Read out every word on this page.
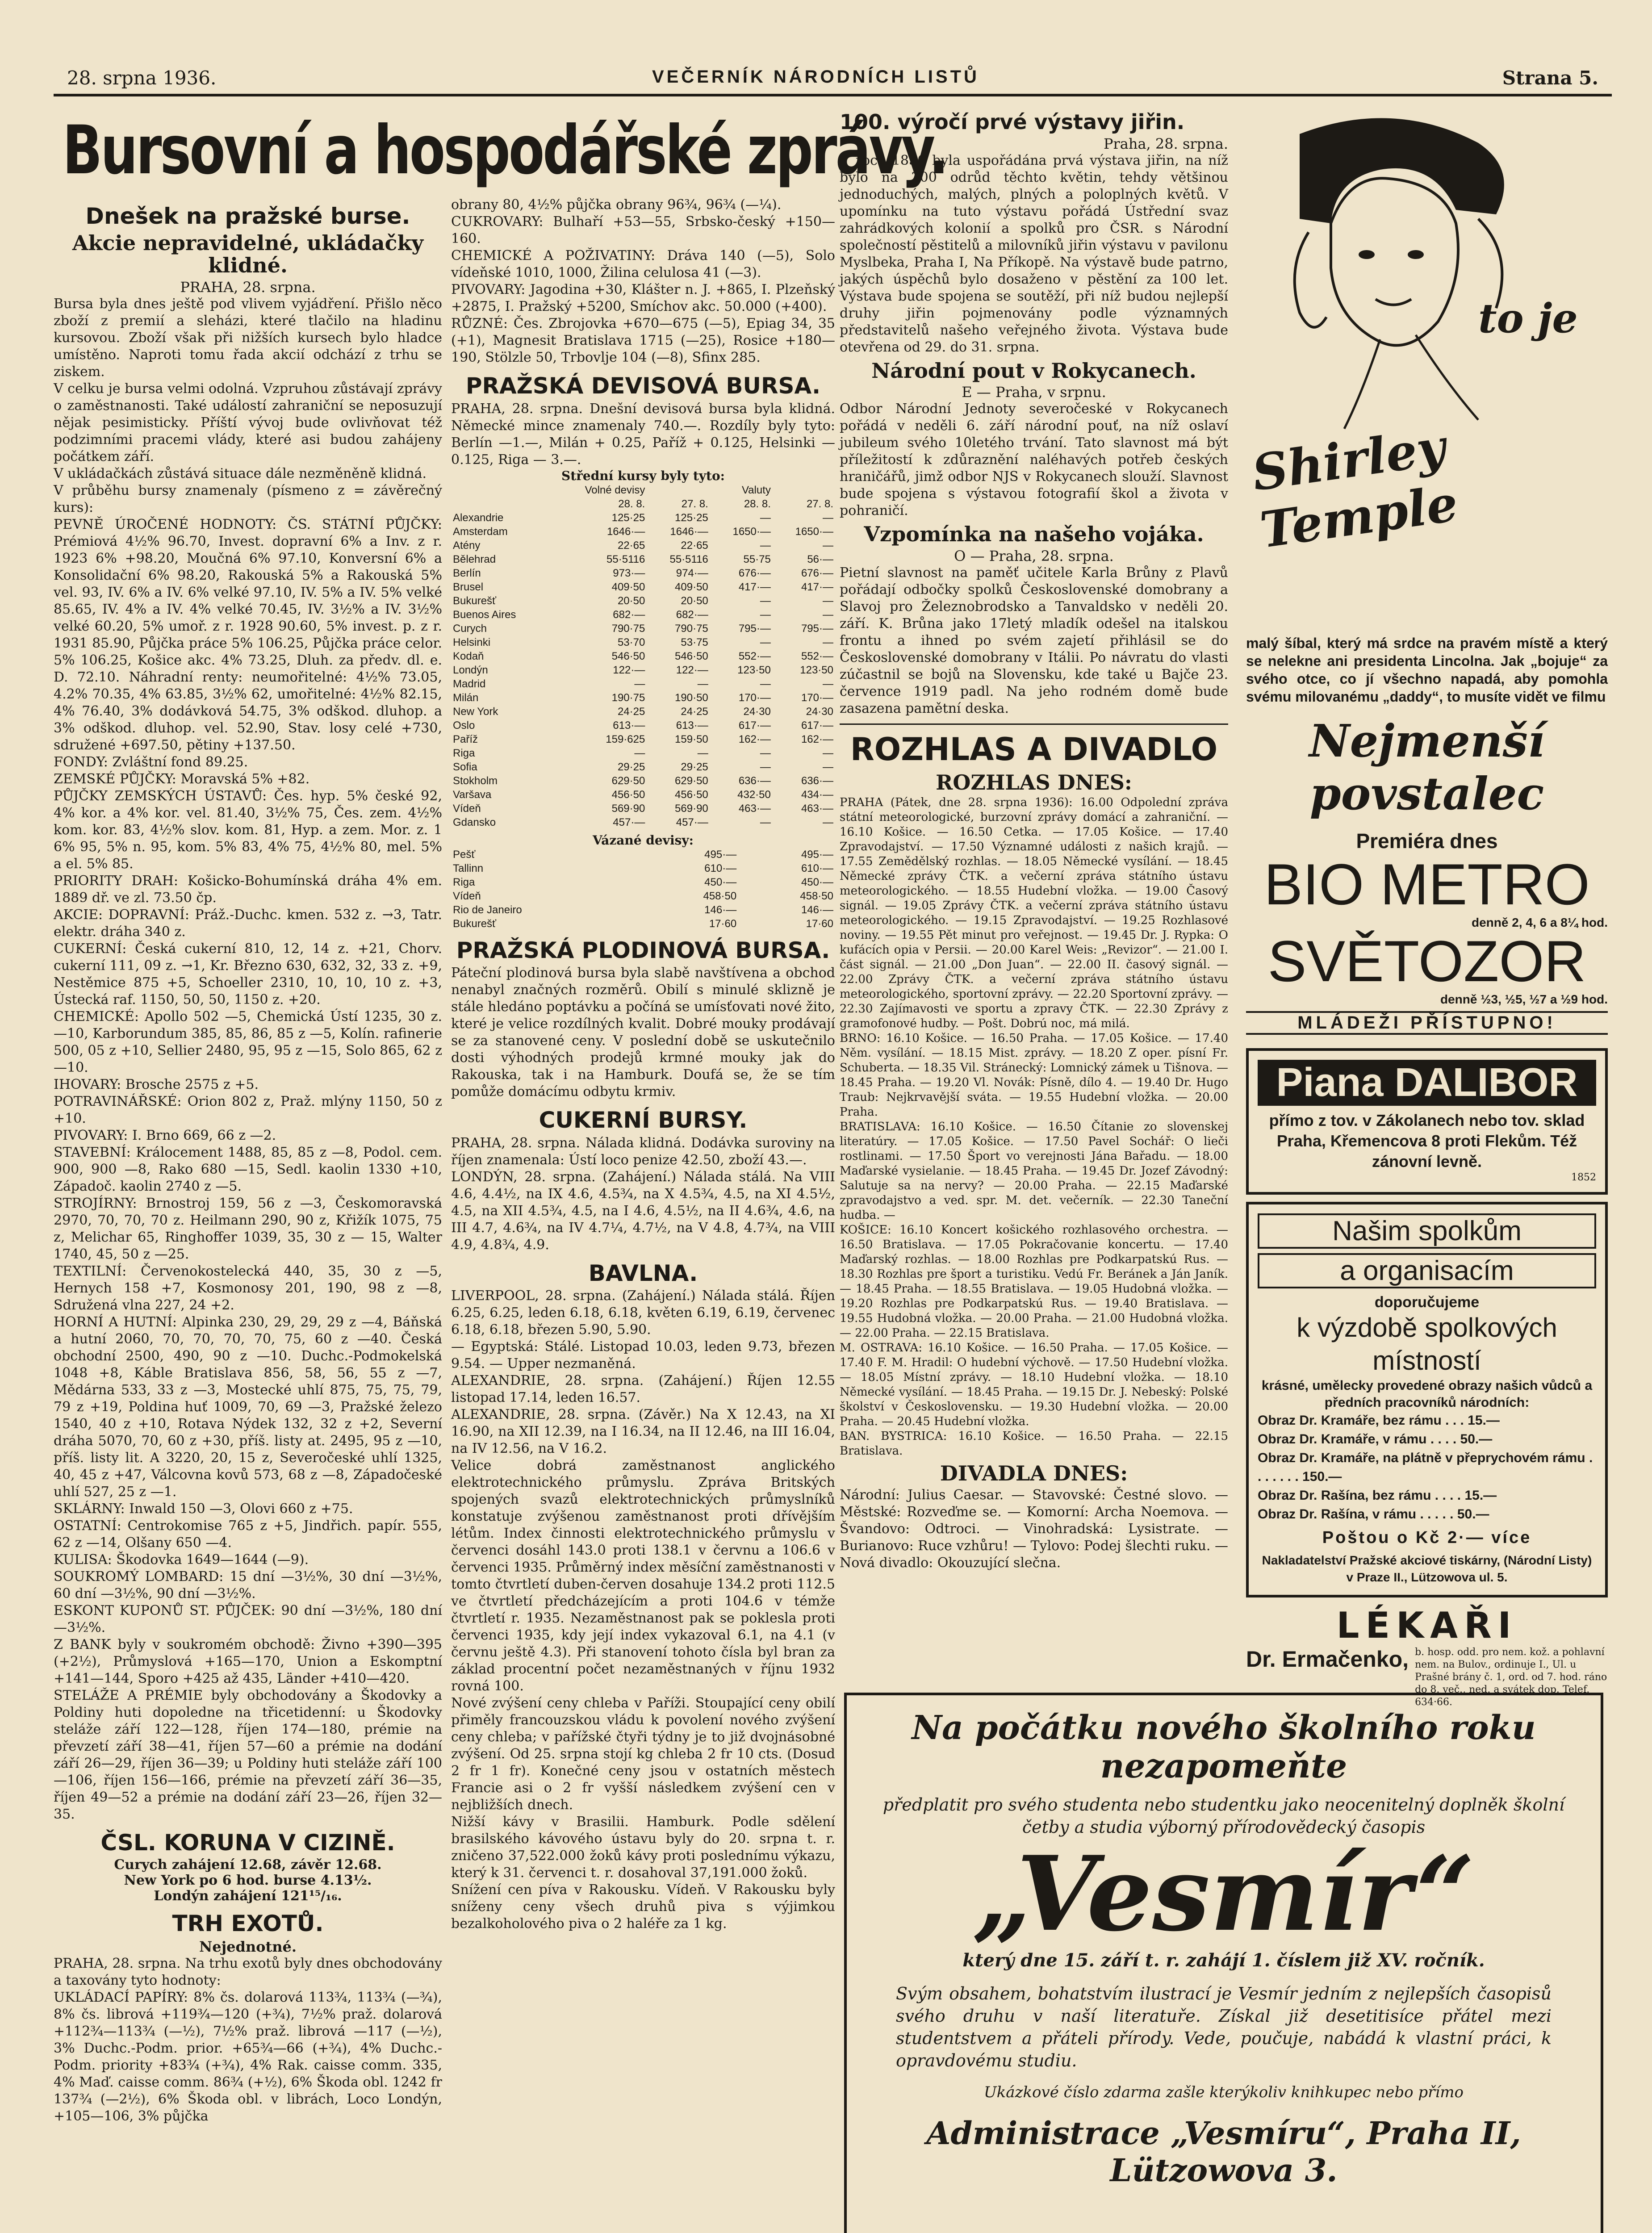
28. srpna 1936.	VEČERNÍK NÁRODNÍCH LISTŮ	Strana 5.
Bursovní a hospodářské zprávy.
Dnešek na pražské burse.
Akcie nepravidelné, ukládačky klidné.
PRAHA, 28. srpna.

Bursa byla dnes ještě pod vlivem vyjádření. Přišlo něco zboží z premií a sleházi, které tlačilo na hladinu kursovou. Zboží však při nižších kursech bylo hladce umístěno. Naproti tomu řada akcií odchází z trhu se ziskem.

V celku je bursa velmi odolná. Vzpruhou zůstávají zprávy o zaměstnanosti. Také událostí zahraniční se neposuzují nějak pesimisticky. Příští vývoj bude ovlivňovat též podzimními pracemi vlády, které asi budou zahájeny počátkem září.

V ukládačkách zůstává situace dále nezměněně klidná.

V průběhu bursy znamenaly (písmeno z = závěrečný kurs):

PEVNĚ ÚROČENÉ HODNOTY: ČS. STÁTNÍ PŮJČKY: Prémiová 4½% 96.70, Invest. dopravní 6% a Inv. z r. 1923 6% +98.20, Moučná 6% 97.10, Konversní 6% a Konsolidační 6% 98.20, Rakouská 5% a Rakouská 5% vel. 93, IV. 6% a IV. 6% velké 97.10, IV. 5% a IV. 5% velké 85.65, IV. 4% a IV. 4% velké 70.45, IV. 3½% a IV. 3½% velké 60.20, 5% umoř. z r. 1928 90.60, 5% invest. p. z r. 1931 85.90, Půjčka práce 5% 106.25, Půjčka práce celor. 5% 106.25, Košice akc. 4% 73.25, Dluh. za předv. dl. e. D. 72.10. Náhradní renty: neumořitelné: 4½% 73.05, 4.2% 70.35, 4% 63.85, 3½% 62, umořitelné: 4½% 82.15, 4% 76.40, 3% dodávková 54.75, 3% odškod. dluhop. a 3% odškod. dluhop. vel. 52.90, Stav. losy celé +730, sdružené +697.50, pětiny +137.50.

FONDY: Zvláštní fond 89.25.

ZEMSKÉ PŮJČKY: Moravská 5% +82.

PŮJČKY ZEMSKÝCH ÚSTAVŮ: Čes. hyp. 5% české 92, 4% kor. a 4% kor. vel. 81.40, 3½% 75, Čes. zem. 4½% kom. kor. 83, 4½% slov. kom. 81, Hyp. a zem. Mor. z. 1 6% 95, 5% n. 95, kom. 5% 83, 4% 75, 4½% 80, mel. 5% a el. 5% 85.

PRIORITY DRAH: Košicko-Bohumínská dráha 4% em. 1889 dř. ve zl. 73.50 čp.

AKCIE: DOPRAVNÍ: Práž.-Duchc. kmen. 532 z. →3, Tatr. elektr. dráha 340 z.

CUKERNÍ: Česká cukerní 810, 12, 14 z. +21, Chorv. cukerní 111, 09 z. →1, Kr. Březno 630, 632, 32, 33 z. +9, Nestěmice 875 +5, Schoeller 2310, 10, 10, 10 z. +3, Ústecká raf. 1150, 50, 50, 1150 z. +20.

CHEMICKÉ: Apollo 502 —5, Chemická Ústí 1235, 30 z. —10, Karborundum 385, 85, 86, 85 z —5, Kolín. rafinerie 500, 05 z +10, Sellier 2480, 95, 95 z —15, Solo 865, 62 z —10.

IHOVARY: Brosche 2575 z +5.

POTRAVINÁŘSKÉ: Orion 802 z, Praž. mlýny 1150, 50 z +10.

PIVOVARY: I. Brno 669, 66 z —2.

STAVEBNÍ: Králocement 1488, 85, 85 z —8, Podol. cem. 900, 900 —8, Rako 680 —15, Sedl. kaolin 1330 +10, Západoč. kaolin 2740 z —5.

STROJÍRNY: Brnostroj 159, 56 z —3, Českomoravská 2970, 70, 70, 70 z. Heilmann 290, 90 z, Křižík 1075, 75 z, Melichar 65, Ringhoffer 1039, 35, 30 z — 15, Walter 1740, 45, 50 z —25.

TEXTILNÍ: Červenokostelecká 440, 35, 30 z —5, Hernych 158 +7, Kosmonosy 201, 190, 98 z —8, Sdružená vlna 227, 24 +2.

HORNÍ A HUTNÍ: Alpinka 230, 29, 29, 29 z —4, Báňská a hutní 2060, 70, 70, 70, 70, 75, 60 z —40. Česká obchodní 2500, 490, 90 z —10. Duchc.-Podmokelská 1048 +8, Káble Bratislava 856, 58, 56, 55 z —7, Mědárna 533, 33 z —3, Mostecké uhlí 875, 75, 75, 79, 79 z +19, Poldina huť 1009, 70, 69 —3, Pražské železo 1540, 40 z +10, Rotava Nýdek 132, 32 z +2, Severní dráha 5070, 70, 60 z +30, příš. listy at. 2495, 95 z —10, příš. listy lit. A 3220, 20, 15 z, Severočeské uhlí 1325, 40, 45 z +47, Válcovna kovů 573, 68 z —8, Západočeské uhlí 527, 25 z —1.

SKLÁRNY: Inwald 150 —3, Olovi 660 z +75.

OSTATNÍ: Centrokomise 765 z +5, Jindřich. papír. 555, 62 z —14, Olšany 650 —4.

KULISA: Škodovka 1649—1644 (—9).

SOUKROMÝ LOMBARD: 15 dní —3½%, 30 dní —3½%, 60 dní —3½%, 90 dní —3½%.

ESKONT KUPONŮ ST. PŮJČEK: 90 dní —3½%, 180 dní —3½%.

Z BANK byly v soukromém obchodě: Živno +390—395 (+2½), Průmyslová +165—170, Union a Eskomptní +141—144, Sporo +425 až 435, Länder +410—420.

STELÁŽE A PRÉMIE byly obchodovány a Škodovky a Poldiny huti dopoledne na třicetidenní: u Škodovky steláže září 122—128, říjen 174—180, prémie na převzetí září 38—41, říjen 57—60 a prémie na dodání září 26—29, říjen 36—39; u Poldiny huti steláže září 100—106, říjen 156—166, prémie na převzetí září 36—35, říjen 49—52 a prémie na dodání září 23—26, říjen 32—35.

ČSL. KORUNA V CIZINĚ.
Curych zahájení 12.68, závěr 12.68.
New York po 6 hod. burse 4.13½.
Londýn zahájení 121¹⁵/₁₆.
TRH EXOTŮ.
Nejednotné.

PRAHA, 28. srpna. Na trhu exotů byly dnes obchodovány a taxovány tyto hodnoty:

UKLÁDACÍ PAPÍRY: 8% čs. dolarová 113¾, 113¾ (—¾), 8% čs. librová +119¾—120 (+¾), 7½% praž. dolarová +112¾—113¾ (—½), 7½% praž. librová —117 (—½), 3% Duchc.-Podm. prior. +65¾—66 (+¾), 4% Duchc.-Podm. priority +83¾ (+¾), 4% Rak. caisse comm. 335, 4% Maď. caisse comm. 86¾ (+½), 6% Škoda obl. 1242 fr 137¾ (—2½), 6% Škoda obl. v librách, Loco Londýn, +105—106, 3% půjčka

obrany 80, 4½% půjčka obrany 96¾, 96¾ (—¼).

CUKROVARY: Bulhaří +53—55, Srbsko-český +150—160.

CHEMICKÉ A POŽIVATINY: Dráva 140 (—5), Solo vídeňské 1010, 1000, Žilina celulosa 41 (—3).

PIVOVARY: Jagodina +30, Klášter n. J. +865, I. Plzeňský +2875, I. Pražský +5200, Smíchov akc. 50.000 (+400).

RŮZNÉ: Čes. Zbrojovka +670—675 (—5), Epiag 34, 35 (+1), Magnesit Bratislava 1715 (—25), Rosice +180—190, Stölzle 50, Trbovlje 104 (—8), Sfinx 285.

PRAŽSKÁ DEVISOVÁ BURSA.

PRAHA, 28. srpna. Dnešní devisová bursa byla klidná. Německé mince znamenaly 740.—. Rozdíly byly tyto: Berlín —1.—, Milán + 0.25, Paříž + 0.125, Helsinki — 0.125, Riga — 3.—.

Střední kursy byly tyto:
	Volné devisy		Valuty	
	28. 8.	27. 8.	28. 8.	27. 8.
Alexandrie	125·25	125·25	—	—
Amsterdam	1646·—	1646·—	1650·—	1650·—
Atény	22·65	22·65	—	—
Bělehrad	55·5116	55·5116	55·75	56·—
Berlín	973·—	974·—	676·—	676·—
Brusel	409·50	409·50	417·—	417·—
Bukurešť	20·50	20·50	—	—
Buenos Aires	682·—	682·—	—	—
Curych	790·75	790·75	795·—	795·—
Helsinki	53·70	53·75	—	—
Kodaň	546·50	546·50	552·—	552·—
Londýn	122·—	122·—	123·50	123·50
Madrid	—	—	—	—
Milán	190·75	190·50	170·—	170·—
New York	24·25	24·25	24·30	24·30
Oslo	613·—	613·—	617·—	617·—
Paříž	159·625	159·50	162·—	162·—
Riga	—	—	—	—
Sofia	29·25	29·25	—	—
Stokholm	629·50	629·50	636·—	636·—
Varšava	456·50	456·50	432·50	434·—
Vídeň	569·90	569·90	463·—	463·—
Gdansko	457·—	457·—	—	—
Vázané devisy:
Pešť	495·—	495·—
Tallinn	610·—	610·—
Riga	450·—	450·—
Vídeň	458·50	458·50
Rio de Janeiro	146·—	146·—
Bukurešť	17·60	17·60
PRAŽSKÁ PLODINOVÁ BURSA.

Páteční plodinová bursa byla slabě navštívena a obchod nenabyl značných rozměrů. Obilí s minulé sklizně je stále hledáno poptávku a počíná se umísťovati nové žito, které je velice rozdílných kvalit. Dobré mouky prodávají se za stanovené ceny. V poslední době se uskutečnilo dosti výhodných prodejů krmné mouky jak do Rakouska, tak i na Hamburk. Doufá se, že se tím pomůže domácímu odbytu krmiv.

CUKERNÍ BURSY.

PRAHA, 28. srpna. Nálada klidná. Dodávka suroviny na říjen znamenala: Ústí loco penize 42.50, zboží 43.—.

LONDÝN, 28. srpna. (Zahájení.) Nálada stálá. Na VIII 4.6, 4.4½, na IX 4.6, 4.5¾, na X 4.5¾, 4.5, na XI 4.5½, 4.5, na XII 4.5¾, 4.5, na I 4.6, 4.5½, na II 4.6¾, 4.6, na III 4.7, 4.6¾, na IV 4.7¼, 4.7½, na V 4.8, 4.7¾, na VIII 4.9, 4.8¾, 4.9.

BAVLNA.

LIVERPOOL, 28. srpna. (Zahájení.) Nálada stálá. Říjen 6.25, 6.25, leden 6.18, 6.18, květen 6.19, 6.19, červenec 6.18, 6.18, březen 5.90, 5.90.

— Egyptská: Stálé. Listopad 10.03, leden 9.73, březen 9.54. — Upper nezmaněná.

ALEXANDRIE, 28. srpna. (Zahájení.) Říjen 12.55 listopad 17.14, leden 16.57.

ALEXANDRIE, 28. srpna. (Závěr.) Na X 12.43, na XI 16.90, na XII 12.39, na I 16.34, na II 12.46, na III 16.04, na IV 12.56, na V 16.2.

Velice dobrá zaměstnanost anglického elektrotechnického průmyslu. Zpráva Britských spojených svazů elektrotechnických průmyslníků konstatuje zvýšenou zaměstnanost proti dřívějším létům. Index činnosti elektrotechnického průmyslu v červenci dosáhl 143.0 proti 138.1 v červnu a 106.6 v červenci 1935. Průměrný index měsíční zaměstnanosti v tomto čtvrtletí duben-červen dosahuje 134.2 proti 112.5 ve čtvrtletí předcházejícím a proti 104.6 v témže čtvrtletí r. 1935. Nezaměstnanost pak se poklesla proti červenci 1935, kdy její index vykazoval 6.1, na 4.1 (v červnu ještě 4.3). Při stanovení tohoto čísla byl bran za základ procentní počet nezaměstnaných v říjnu 1932 rovná 100.

Nové zvýšení ceny chleba v Paříži. Stoupající ceny obilí přiměly francouzskou vládu k povolení nového zvýšení ceny chleba; v pařížské čtyři týdny je to již dvojnásobné zvýšení. Od 25. srpna stojí kg chleba 2 fr 10 cts. (Dosud 2 fr 1 fr). Konečné ceny jsou v ostatních městech Francie asi o 2 fr vyšší následkem zvýšení cen v nejbližších dnech.

Nižší kávy v Brasilii. Hamburk. Podle sdělení brasilského kávového ústavu byly do 20. srpna t. r. zničeno 37,522.000 žoků kávy proti poslednímu výkazu, který k 31. červenci t. r. dosahoval 37,191.000 žoků.

Snížení cen píva v Rakousku. Vídeň. V Rakousku byly sníženy ceny všech druhů piva s výjimkou bezalkoholového piva o 2 haléře za 1 kg.

100. výročí prvé výstavy jiřin.
Praha, 28. srpna.

V roce 1836 byla uspořádána prvá výstava jiřin, na níž bylo na 200 odrůd těchto květin, tehdy většinou jednoduchých, malých, plných a poloplných květů. V upomínku na tuto výstavu pořádá Ústřední svaz zahrádkových kolonií a spolků pro ČSR. s Národní společností pěstitelů a milovníků jiřin výstavu v pavilonu Myslbeka, Praha I, Na Příkopě. Na výstavě bude patrno, jakých úspěchů bylo dosaženo v pěstění za 100 let. Výstava bude spojena se soutěží, při níž budou nejlepší druhy jiřin pojmenovány podle významných představitelů našeho veřejného života. Výstava bude otevřena od 29. do 31. srpna.

Národní pout v Rokycanech.
E — Praha, v srpnu.

Odbor Národní Jednoty severočeské v Rokycanech pořádá v neděli 6. září národní pouť, na níž oslaví jubileum svého 10letého trvání. Tato slavnost má být příležitostí k zdůraznění naléhavých potřeb českých hraničářů, jimž odbor NJS v Rokycanech slouží. Slavnost bude spojena s výstavou fotografií škol a života v pohraničí.

Vzpomínka na našeho vojáka.
O — Praha, 28. srpna.

Pietní slavnost na paměť učitele Karla Brůny z Plavů pořádají odbočky spolků Československé domobrany a Slavoj pro Železnobrodsko a Tanvaldsko v neděli 20. září. K. Brůna jako 17letý mladík odešel na italskou frontu a ihned po svém zajetí přihlásil se do Československé domobrany v Itálii. Po návratu do vlasti zúčastnil se bojů na Slovensku, kde také u Bajče 23. července 1919 padl. Na jeho rodném domě bude zasazena pamětní deska.

ROZHLAS A DIVADLO
ROZHLAS DNES:

PRAHA (Pátek, dne 28. srpna 1936): 16.00 Odpolední zpráva státní meteorologické, burzovní zprávy domácí a zahraniční. — 16.10 Košice. — 16.50 Cetka. — 17.05 Košice. — 17.40 Zpravodajství. — 17.50 Významné události z našich krajů. — 17.55 Zemědělský rozhlas. — 18.05 Německé vysílání. — 18.45 Německé zprávy ČTK. a večerní zpráva státního ústavu meteorologického. — 18.55 Hudební vložka. — 19.00 Časový signál. — 19.05 Zprávy ČTK. a večerní zpráva státního ústavu meteorologického. — 19.15 Zpravodajství. — 19.25 Rozhlasové noviny. — 19.55 Pět minut pro veřejnost. — 19.45 Dr. J. Rypka: O kufácích opia v Persii. — 20.00 Karel Weis: „Revizor“. — 21.00 I. část signál. — 21.00 „Don Juan“. — 22.00 II. časový signál. — 22.00 Zprávy ČTK. a večerní zpráva státního ústavu meteorologického, sportovní zprávy. — 22.20 Sportovní zprávy. — 22.30 Zajímavosti ve sportu a zpravy ČTK. — 22.30 Zprávy z gramofonové hudby. — Pošt. Dobrú noc, má milá.

BRNO: 16.10 Košice. — 16.50 Praha. — 17.05 Košice. — 17.40 Něm. vysílání. — 18.15 Mist. zprávy. — 18.20 Z oper. písní Fr. Schuberta. — 18.35 Vil. Stránecký: Lomnický zámek u Tišnova. — 18.45 Praha. — 19.20 Vl. Novák: Písně, dílo 4. — 19.40 Dr. Hugo Traub: Nejkrvavější sváta. — 19.55 Hudební vložka. — 20.00 Praha.

BRATISLAVA: 16.10 Košice. — 16.50 Čítanie zo slovenskej literatúry. — 17.05 Košice. — 17.50 Pavel Sochář: O lieči rostlinami. — 17.50 Šport vo verejnosti Jána Bařadu. — 18.00 Maďarské vysielanie. — 18.45 Praha. — 19.45 Dr. Jozef Závodný: Salutuje sa na nervy? — 20.00 Praha. — 22.15 Maďarské zpravodajstvo a ved. spr. M. det. večerník. — 22.30 Taneční hudba. —

KOŠICE: 16.10 Koncert košického rozhlasového orchestra. — 16.50 Bratislava. — 17.05 Pokračovanie koncertu. — 17.40 Maďarský rozhlas. — 18.00 Rozhlas pre Podkarpatskú Rus. — 18.30 Rozhlas pre šport a turistiku. Vedú Fr. Beránek a Ján Janík. — 18.45 Praha. — 18.55 Bratislava. — 19.05 Hudobná vložka. — 19.20 Rozhlas pre Podkarpatskú Rus. — 19.40 Bratislava. — 19.55 Hudobná vložka. — 20.00 Praha. — 21.00 Hudobná vložka. — 22.00 Praha. — 22.15 Bratislava.

M. OSTRAVA: 16.10 Košice. — 16.50 Praha. — 17.05 Košice. — 17.40 F. M. Hradil: O hudební výchově. — 17.50 Hudební vložka. — 18.05 Místní zprávy. — 18.10 Hudební vložka. — 18.10 Německé vysílání. — 18.45 Praha. — 19.15 Dr. J. Nebeský: Polské školství v Československu. — 19.30 Hudební vložka. — 20.00 Praha. — 20.45 Hudební vložka.

BAN. BYSTRICA: 16.10 Košice. — 16.50 Praha. — 22.15 Bratislava.

DIVADLA DNES:

Národní: Julius Caesar. — Stavovské: Čestné slovo. — Městské: Rozveďme se. — Komorní: Archa Noemova. — Švandovo: Odtroci. — Vinohradská: Lysistrate. — Burianovo: Ruce vzhůru! — Tylovo: Podej šlechti ruku. — Nová divadlo: Okouzující slečna.

to je
Shirley Temple

malý šíbal, který má srdce na pravém místě a který se nelekne ani presidenta Lincolna. Jak „bojuje“ za svého otce, co jí všechno napadá, aby pomohla svému milovanému „daddy“, to musíte vidět ve filmu

Nejmenší povstalec
Premiéra dnes
BIO METRO
denně 2, 4, 6 a 8¼ hod.
SVĚTOZOR
denně ½3, ½5, ½7 a ½9 hod.
MLÁDEŽI PŘÍSTUPNO!
Piana DALIBOR

přímo z tov. v Zákolanech nebo tov. sklad Praha, Křemencova 8 proti Flekům. Též zánovní levně.

1852
Našim spolkům
a organisacím
doporučujeme
k výzdobě spolkových místností

krásné, umělecky provedené obrazy našich vůdců a předních pracovníků národních:

Obraz Dr. Kramáře, bez rámu . . . 15.—
Obraz Dr. Kramáře, v rámu . . . . 50.—
Obraz Dr. Kramáře, na plátně v přeprychovém rámu . . . . . . . 150.—
Obraz Dr. Rašína, bez rámu . . . . 15.—
Obraz Dr. Rašína, v rámu . . . . . 50.—
Poštou o Kč 2·— více

Nakladatelství Pražské akciové tiskárny, (Národní Listy) v Praze II., Lützowova ul. 5.

LÉKAŘI
Dr. Ermačenko, b. hosp. odd. pro nem. kož. a pohlavní nem. na Bulov., ordinuje I., Ul. u Prašné brány č. 1, ord. od 7. hod. ráno do 8. več., ned. a svátek dop. Telef. 634·66.
Na počátku nového školního roku
nezapomeňte

předplatit pro svého studenta nebo studentku jako neocenitelný doplněk školní četby a studia výborný přírodovědecký časopis

„Vesmír“
který dne 15. září t. r. zahájí 1. číslem již XV. ročník.

Svým obsahem, bohatstvím ilustrací je Vesmír jedním z nejlepších časopisů svého druhu v naší literatuře. Získal již desetitisíce přátel mezi studentstvem a přáteli přírody. Vede, poučuje, nabádá k vlastní práci, k opravdovému studiu.

Ukázkové číslo zdarma zašle kterýkoliv knihkupec nebo přímo
Administrace „Vesmíru“, Praha II,
Lützowova 3.
